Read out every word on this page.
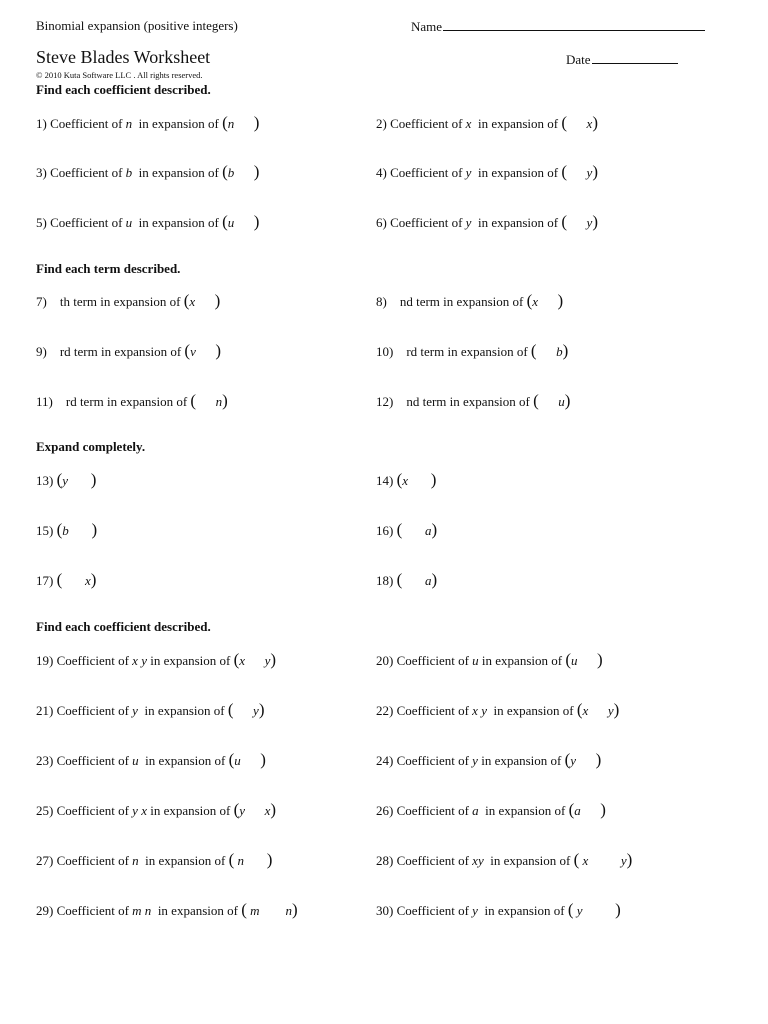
Binomial expansion (positive integers)	Name
Steve Blades Worksheet	Date
© 2010 Kuta Software LLC . All rights reserved.
Find each coefficient described.
Find each term described.
Expand completely.
Find each coefficient described.
1) Coefficient of n  in expansion of (n )	2) Coefficient of x  in expansion of ( x)
3) Coefficient of b  in expansion of (b )	4) Coefficient of y  in expansion of ( y)
5) Coefficient of u  in expansion of (u )	6) Coefficient of y  in expansion of ( y)
7)    th term in expansion of (x )	8)    nd term in expansion of (x )
9)    rd term in expansion of (v )	10)    rd term in expansion of ( b)
11)    rd term in expansion of ( n)	12)    nd term in expansion of ( u)
13) (y )	14) (x )
15) (b )	16) ( a)
17) ( x)	18) ( a)
19) Coefficient of x y in expansion of (x y)	20) Coefficient of u in expansion of (u )
21) Coefficient of y  in expansion of ( y)	22) Coefficient of x y  in expansion of (x y)
23) Coefficient of u  in expansion of (u )	24) Coefficient of y in expansion of (y )
25) Coefficient of y x in expansion of (y x)	26) Coefficient of a  in expansion of (a )
27) Coefficient of n  in expansion of ( n )	28) Coefficient of xy  in expansion of ( x	y)
29) Coefficient of m n  in expansion of ( m n)	30) Coefficient of y  in expansion of ( y )
